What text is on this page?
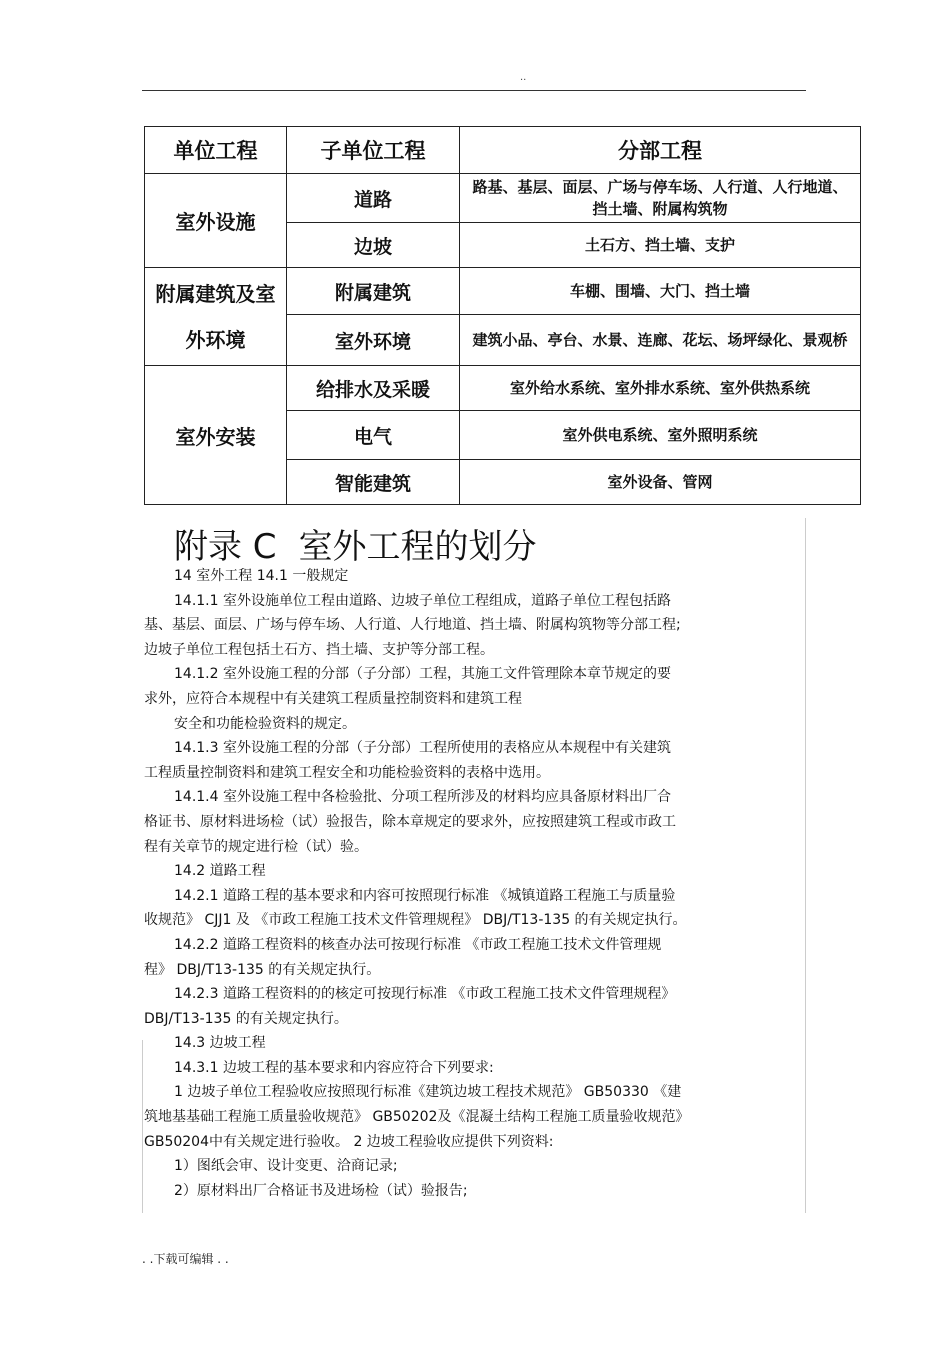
..
单位工程	子单位工程	分部工程
室外设施	道路	路基、基层、面层、广场与停车场、人行道、人行地道、挡土墙、附属构筑物
	边坡	土石方、挡土墙、支护
附属建筑及室外环境	附属建筑	车棚、围墙、大门、挡土墙
	室外环境	建筑小品、亭台、水景、连廊、花坛、场坪绿化、景观桥
室外安装	给排水及采暖	室外给水系统、室外排水系统、室外供热系统
	电气	室外供电系统、室外照明系统
	智能建筑	室外设备、管网
附录 C 室外工程的划分

14 室外工程 14.1 一般规定

14.1.1 室外设施单位工程由道路、边坡子单位工程组成，道路子单位工程包括路

基、基层、面层、广场与停车场、人行道、人行地道、挡土墙、附属构筑物等分部工程;

边坡子单位工程包括土石方、挡土墙、支护等分部工程。

14.1.2 室外设施工程的分部（子分部）工程，其施工文件管理除本章节规定的要

求外，应符合本规程中有关建筑工程质量控制资料和建筑工程

安全和功能检验资料的规定。

14.1.3 室外设施工程的分部（子分部）工程所使用的表格应从本规程中有关建筑

工程质量控制资料和建筑工程安全和功能检验资料的表格中选用。

14.1.4 室外设施工程中各检验批、分项工程所涉及的材料均应具备原材料出厂合

格证书、原材料进场检（试）验报告，除本章规定的要求外，应按照建筑工程或市政工

程有关章节的规定进行检（试）验。

14.2 道路工程

14.2.1 道路工程的基本要求和内容可按照现行标准 《城镇道路工程施工与质量验

收规范》 CJJ1 及 《市政工程施工技术文件管理规程》 DBJ/T13-135 的有关规定执行。

14.2.2 道路工程资料的核查办法可按现行标准 《市政工程施工技术文件管理规

程》 DBJ/T13-135 的有关规定执行。

14.2.3 道路工程资料的的核定可按现行标准 《市政工程施工技术文件管理规程》

DBJ/T13-135 的有关规定执行。

14.3 边坡工程

14.3.1 边坡工程的基本要求和内容应符合下列要求:

1 边坡子单位工程验收应按照现行标准《建筑边坡工程技术规范》 GB50330 《建

筑地基基础工程施工质量验收规范》 GB50202及《混凝土结构工程施工质量验收规范》

GB50204中有关规定进行验收。 2 边坡工程验收应提供下列资料:

1）图纸会审、设计变更、洽商记录;

2）原材料出厂合格证书及进场检（试）验报告;

. .下载可编辑 . .
